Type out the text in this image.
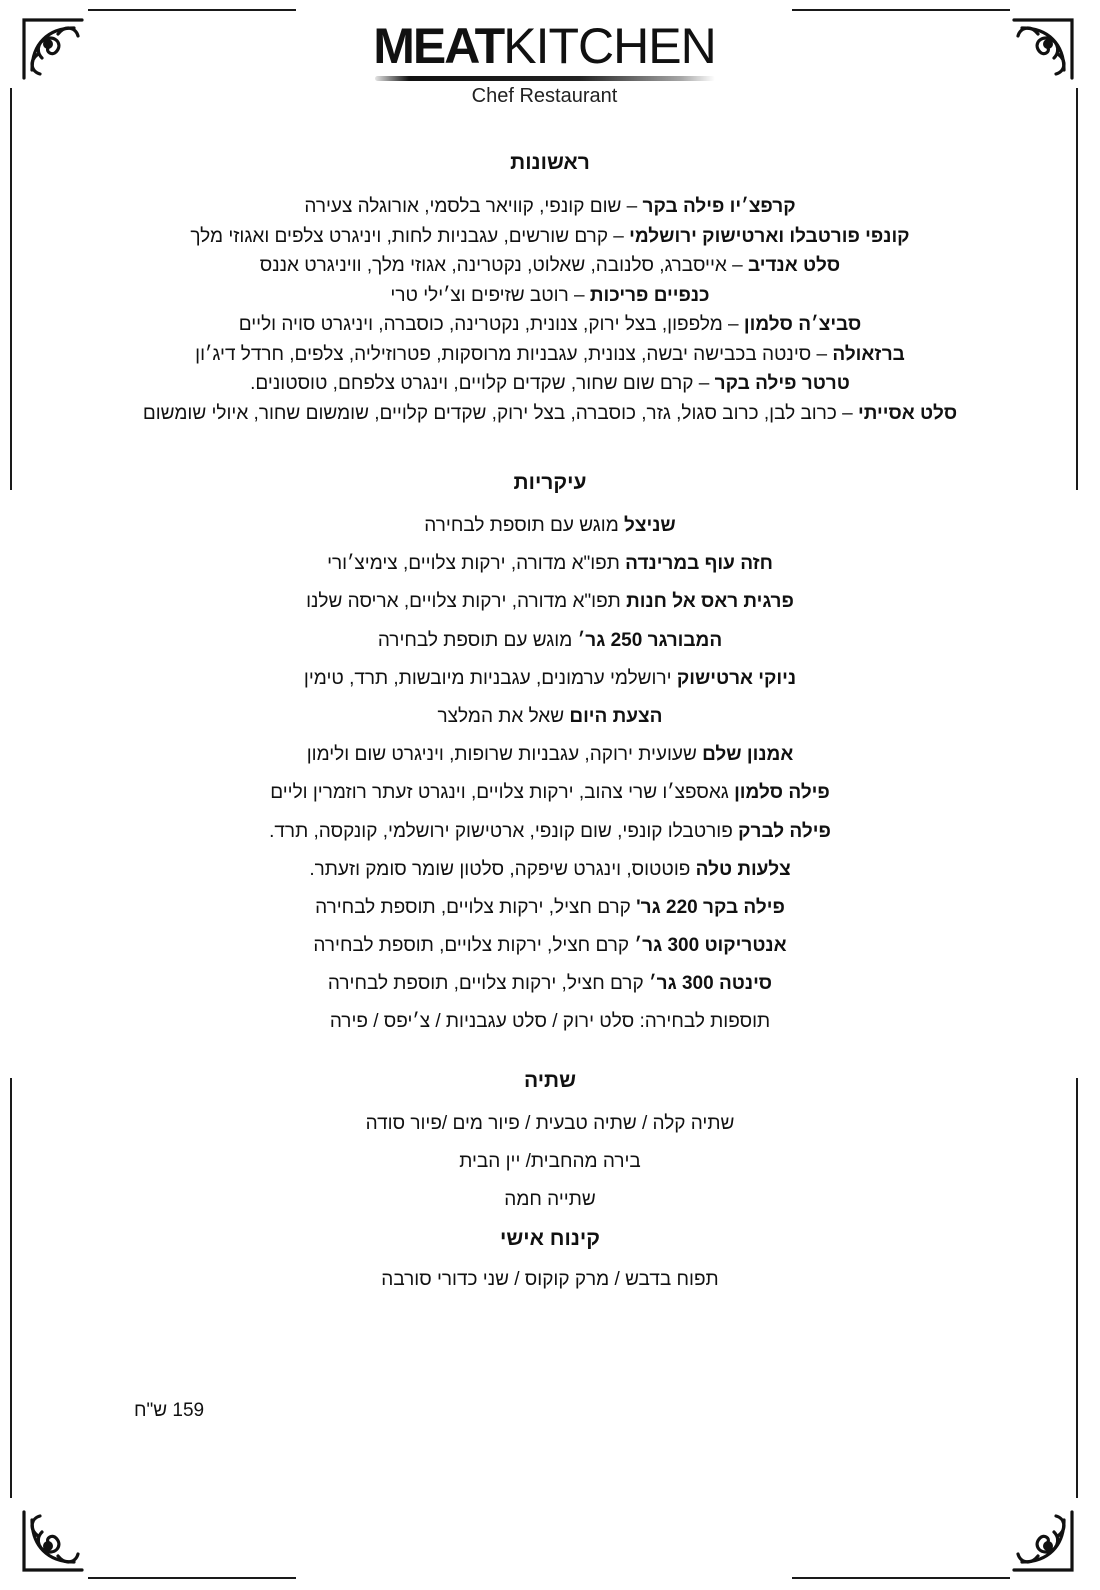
MEATKITCHEN
Chef Restaurant

ראשונות

קרפצ׳יו פילה בקר – שום קונפי, קוויאר בלסמי, אורוגלה צעירה

קונפי פורטבלו וארטישוק ירושלמי – קרם שורשים, עגבניות לחות, ויניגרט צלפים ואגוזי מלך

סלט אנדיב – אייסברג, סלנובה, שאלוט, נקטרינה, אגוזי מלך, וויניגרט אננס

כנפיים פריכות – רוטב שזיפים וצ׳ילי טרי

סביצ׳ה סלמון – מלפפון, בצל ירוק, צנונית, נקטרינה, כוסברה, ויניגרט סויה וליים

ברזאולה – סינטה בכבישה יבשה, צנונית, עגבניות מרוסקות, פטרוזיליה, צלפים, חרדל דיג׳ון

טרטר פילה בקר – קרם שום שחור, שקדים קלויים, וינגרט צלפחם, טוסטונים.

סלט אסייתי – כרוב לבן, כרוב סגול, גזר, כוסברה, בצל ירוק, שקדים קלויים, שומשום שחור, איולי שומשום

עיקריות

שניצל מוגש עם תוספת לבחירה

חזה עוף במרינדה תפו"א מדורה, ירקות צלויים, צימיצ׳ורי

פרגית ראס אל חנות תפו"א מדורה, ירקות צלויים, אריסה שלנו

המבורגר 250 גר׳ מוגש עם תוספת לבחירה

ניוקי ארטישוק ירושלמי ערמונים, עגבניות מיובשות, תרד, טימין

הצעת היום שאל את המלצר

אמנון שלם שעועית ירוקה, עגבניות שרופות, ויניגרט שום ולימון

פילה סלמון גאספצ׳ו שרי צהוב, ירקות צלויים, וינגרט זעתר רוזמרין וליים

פילה לברק פורטבלו קונפי, שום קונפי, ארטישוק ירושלמי, קונקסה, תרד.

צלעות טלה פוטטוס, וינגרט שיפקה, סלטון שומר סומק וזעתר.

פילה בקר 220 גר' קרם חציל, ירקות צלויים, תוספת לבחירה

אנטריקוט 300 גר׳ קרם חציל, ירקות צלויים, תוספת לבחירה

סינטה 300 גר׳ קרם חציל, ירקות צלויים, תוספת לבחירה

תוספות לבחירה: סלט ירוק / סלט עגבניות / צ׳יפס / פירה

שתיה

שתיה קלה / שתיה טבעית / פיור מים /פיור סודה

בירה מהחבית/ יין הבית

שתייה חמה

קינוח אישי

תפוח בדבש / מרק קוקוס / שני כדורי סורבה

159 ש"ח
